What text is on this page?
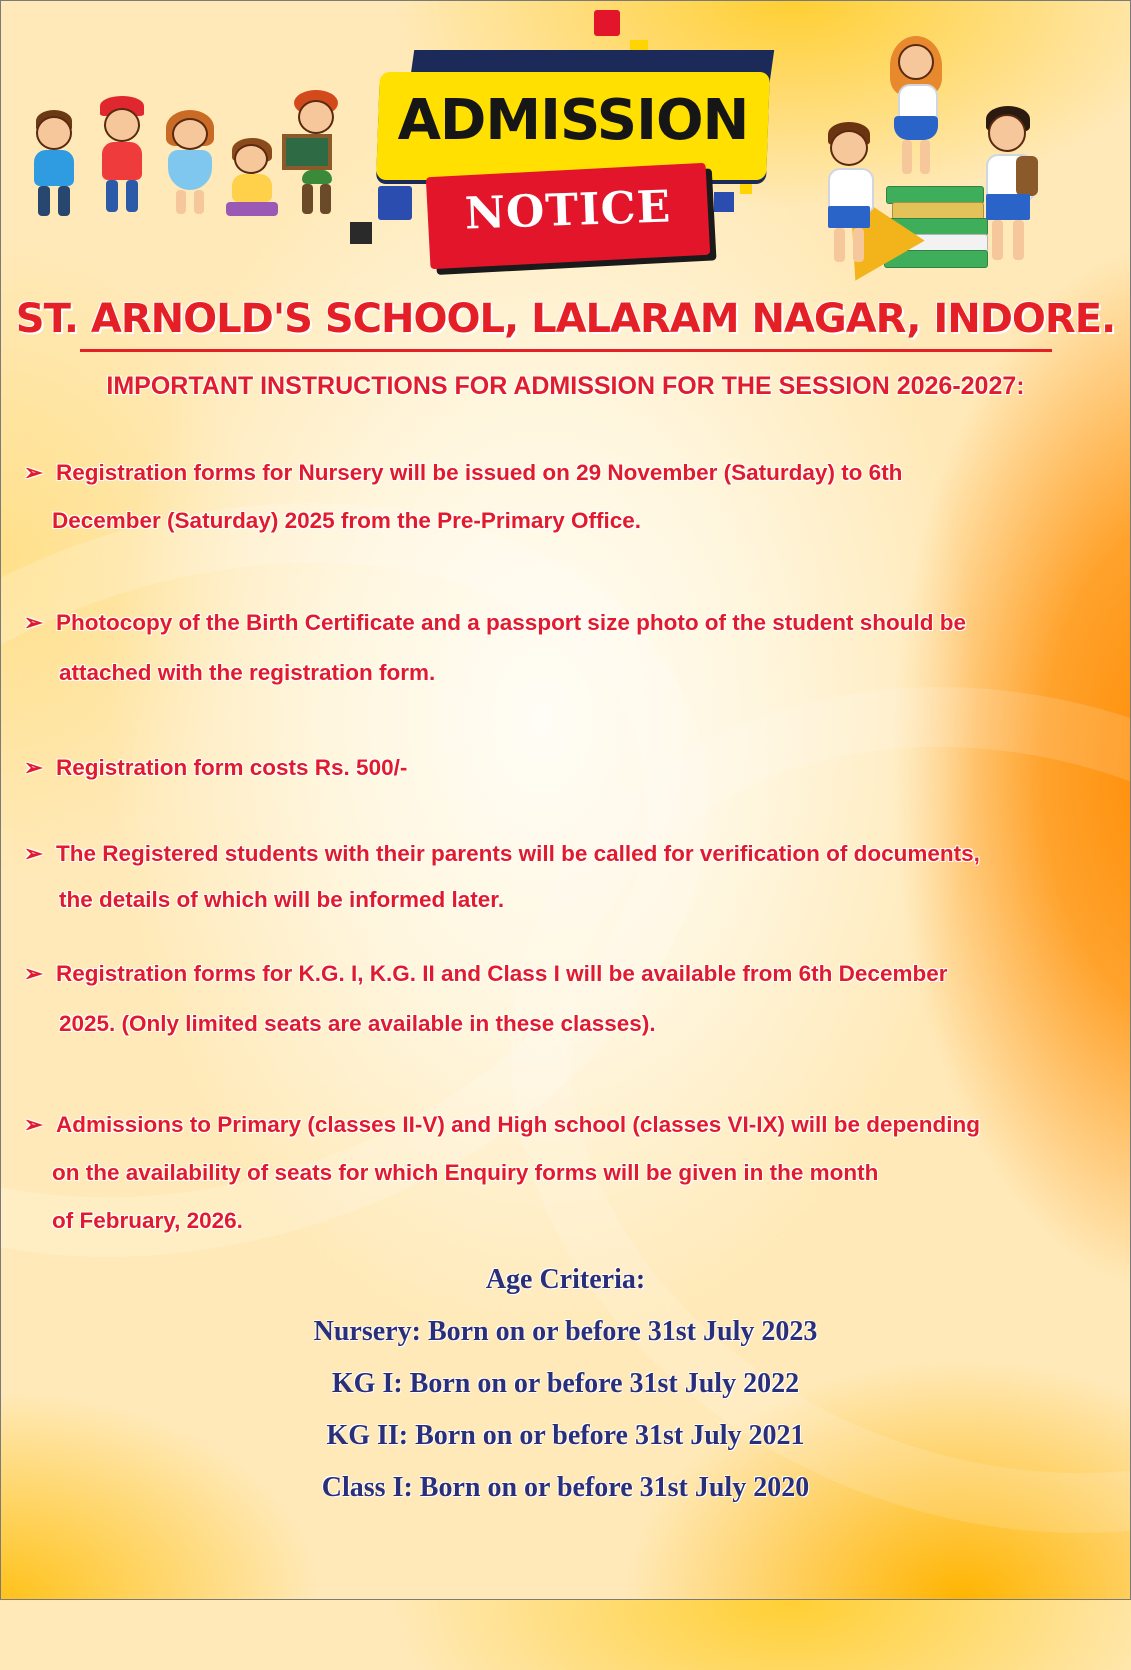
ADMISSION
NOTICE
ST. ARNOLD'S SCHOOL, LALARAM NAGAR, INDORE.
IMPORTANT INSTRUCTIONS FOR ADMISSION FOR THE SESSION 2026-2027:
➢ Registration forms for Nursery will be issued on 29 November (Saturday) to 6th
December (Saturday) 2025 from the Pre-Primary Office.
➢ Photocopy of the Birth Certificate and a passport size photo of the student should be
attached with the registration form.
➢ Registration form costs Rs. 500/-
➢ The Registered students with their parents will be called for verification of documents,
the details of which will be informed later.
➢ Registration forms for K.G. I, K.G. II and Class I will be available from 6th December
2025. (Only limited seats are available in these classes).
➢ Admissions to Primary (classes II-V) and High school (classes VI-IX) will be depending
on the availability of seats for which Enquiry forms will be given in the month
of February, 2026.
Age Criteria:
Nursery: Born on or before 31st July 2023
KG I: Born on or before 31st July 2022
KG II: Born on or before 31st July 2021
Class I: Born on or before 31st July 2020
